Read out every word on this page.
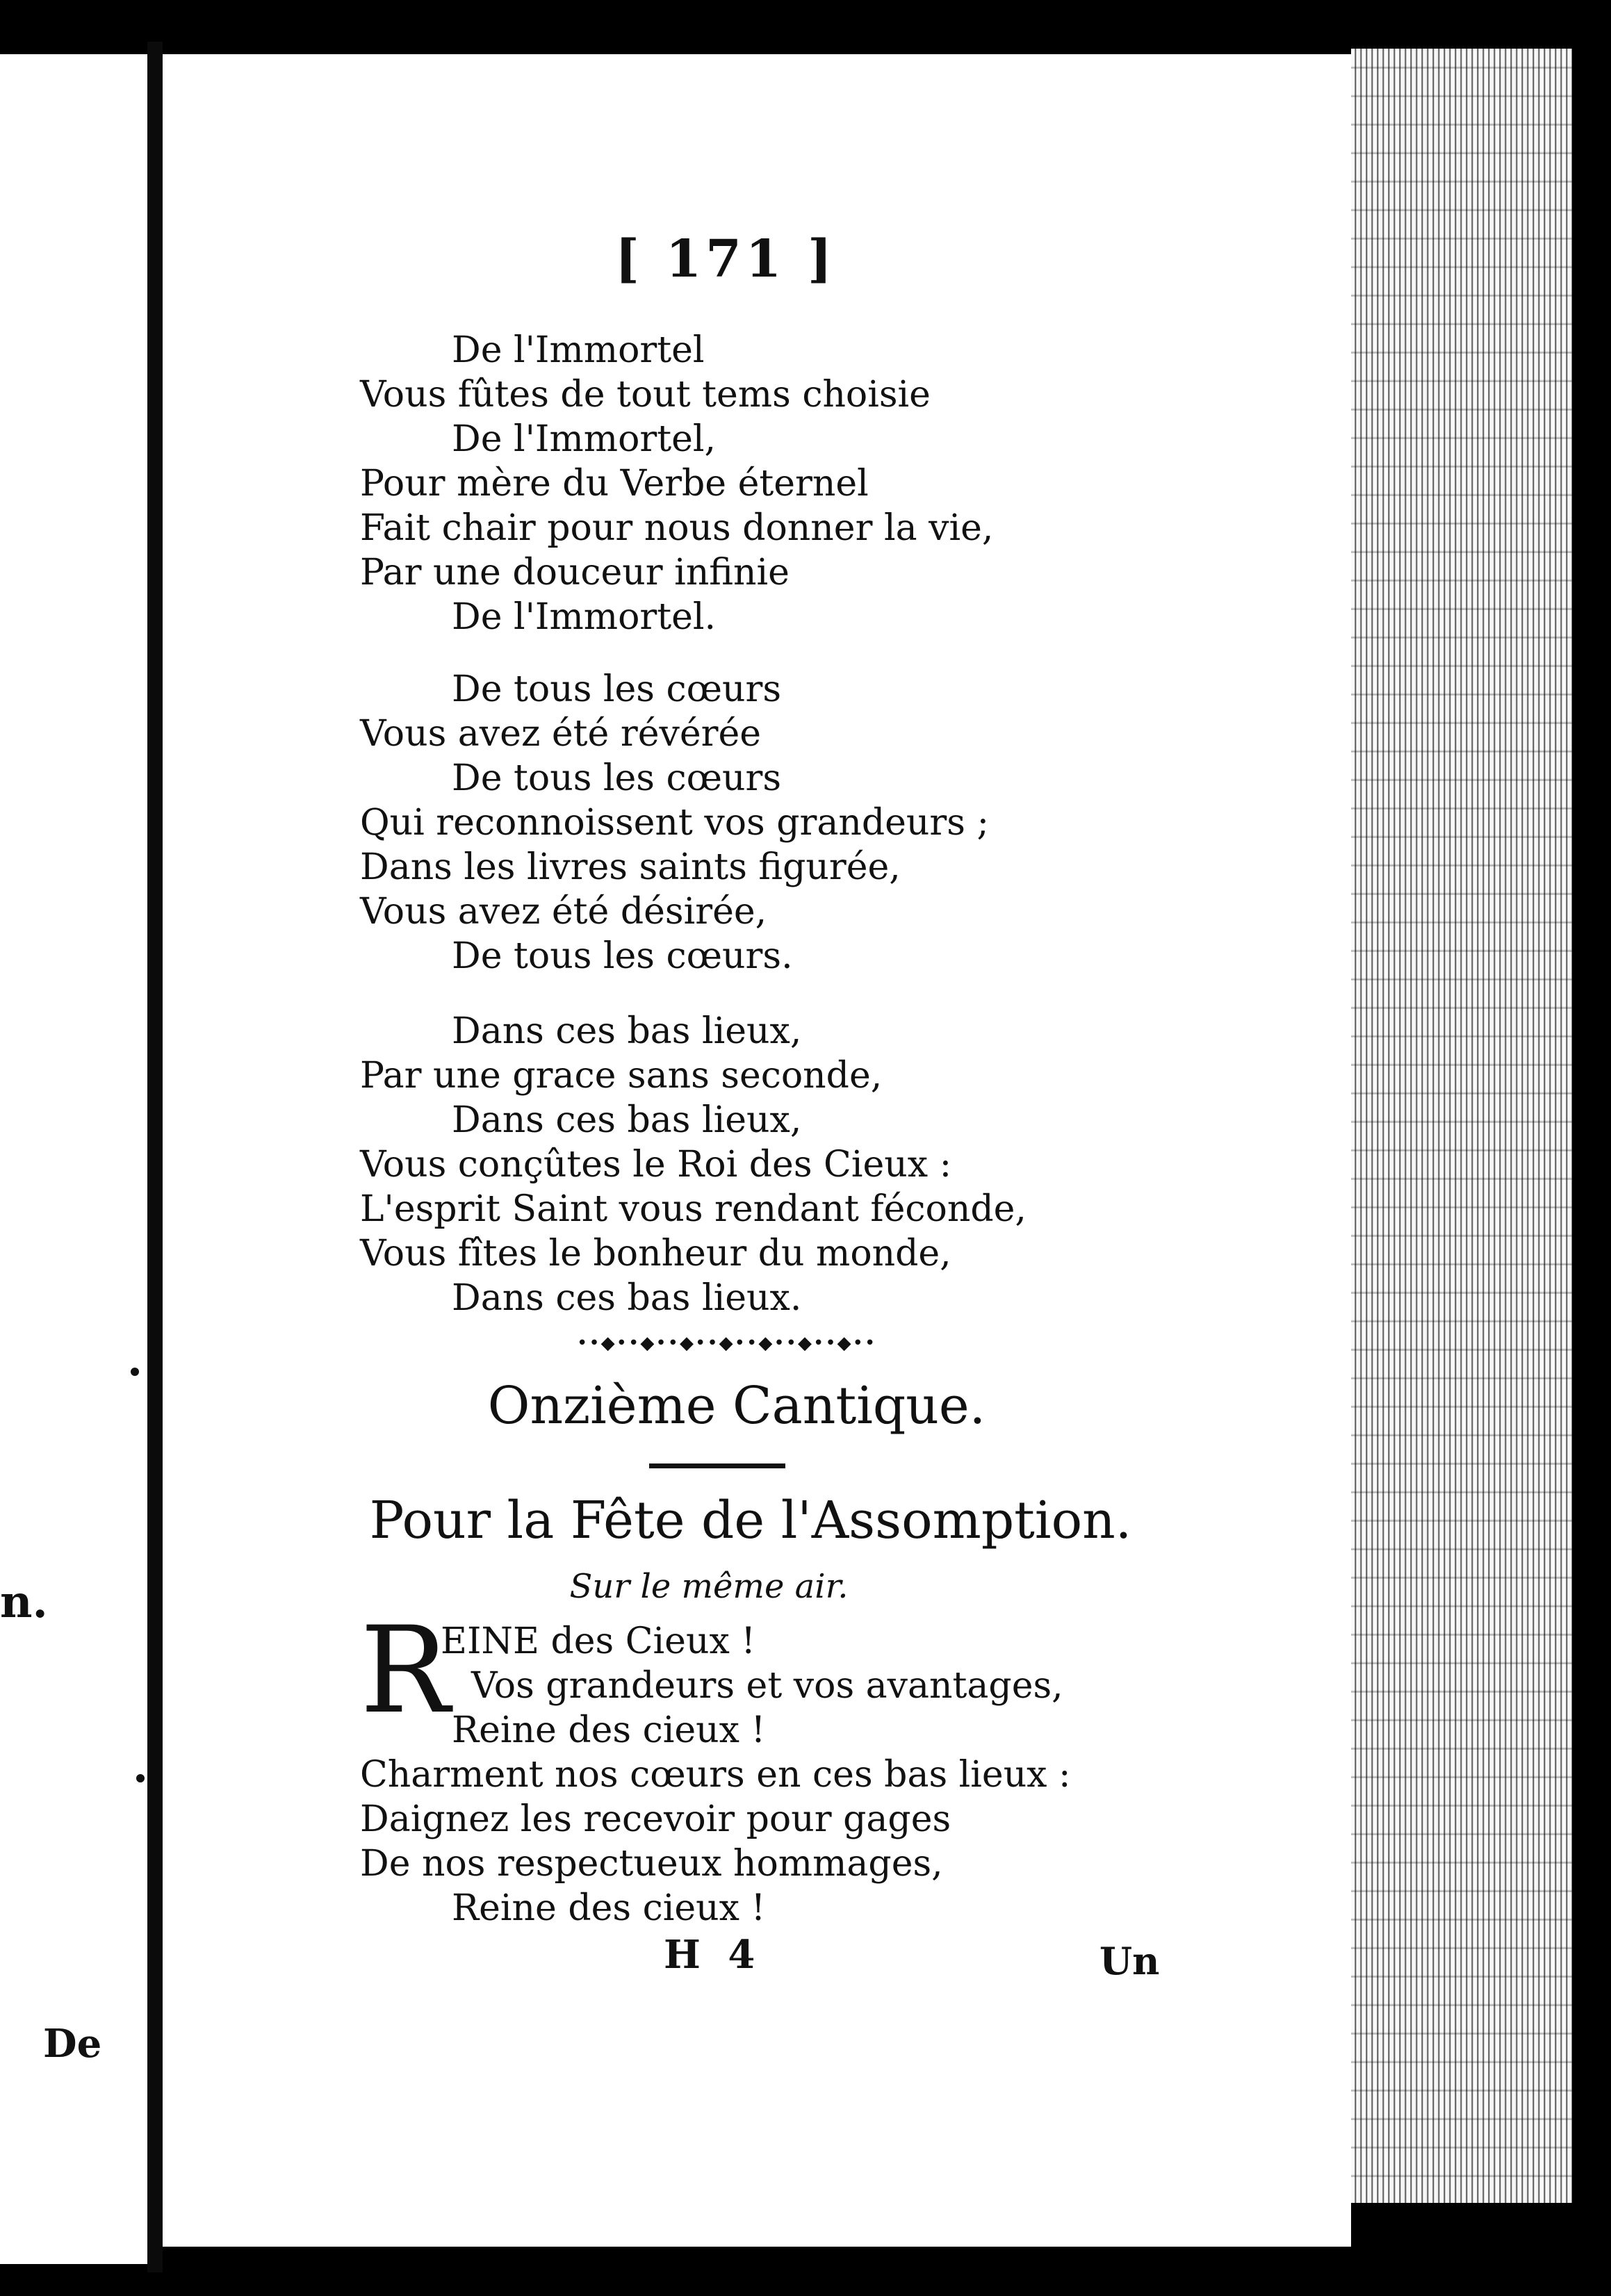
n.
De
[ 171 ]
De l'Immortel
Vous fûtes de tout tems choisie
De l'Immortel,
Pour mère du Verbe éternel
Fait chair pour nous donner la vie,
Par une douceur infinie
De l'Immortel.
De tous les cœurs
Vous avez été révérée
De tous les cœurs
Qui reconnoissent vos grandeurs ;
Dans les livres saints figurée,
Vous avez été désirée,
De tous les cœurs.
Dans ces bas lieux,
Par une grace sans seconde,
Dans ces bas lieux,
Vous conçûtes le Roi des Cieux :
L'esprit Saint vous rendant féconde,
Vous fîtes le bonheur du monde,
Dans ces bas lieux.
••◆••◆••◆••◆••◆••◆••◆••
Onzième Cantique.
Pour la Fête de l'Assomption.
Sur le même air.
R
EINE des Cieux !
Vos grandeurs et vos avantages,
Reine des cieux !
Charment nos cœurs en ces bas lieux :
Daignez les recevoir pour gages
De nos respectueux hommages,
Reine des cieux !
H 4	Un
